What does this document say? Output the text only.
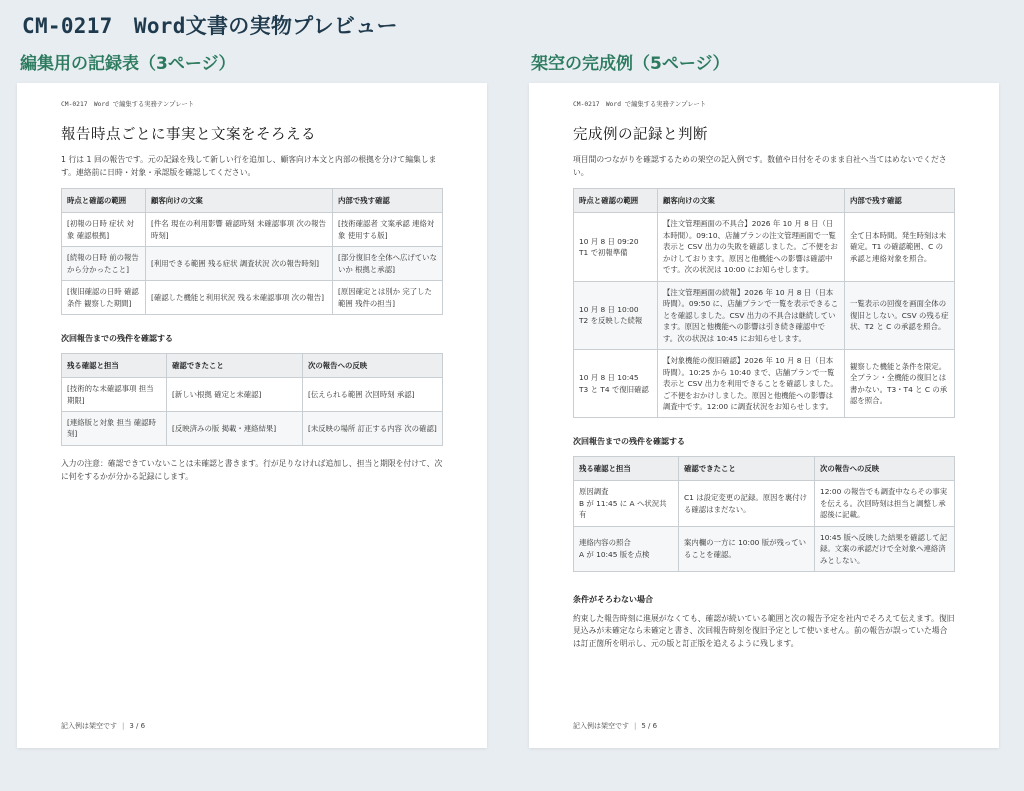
CM-0217　Word文書の実物プレビュー
編集用の記録表（3ページ）	架空の完成例（5ページ）
CM-0217　Word で編集する実務テンプレート
報告時点ごとに事実と文案をそろえる

1 行は 1 回の報告です。元の記録を残して新しい行を追加し、顧客向け本文と内部の根拠を分けて編集します。連絡前に日時・対象・承認版を確認してください。

時点と確認の範囲	顧客向けの文案	内部で残す確認
[初報の日時 症状 対象 確認根拠]	[件名 現在の利用影響 確認時刻 未確認事項 次の報告時刻]	[技術確認者 文案承認 連絡対象 使用する版]
[続報の日時 前の報告から分かったこと]	[利用できる範囲 残る症状 調査状況 次の報告時刻]	[部分復旧を全体へ広げていないか 根拠と承認]
[復旧確認の日時 確認条件 観察した期間]	[確認した機能と利用状況 残る未確認事項 次の報告]	[原因確定とは別か 完了した範囲 残件の担当]
次回報告までの残件を確認する
残る確認と担当	確認できたこと	次の報告への反映
[技術的な未確認事項 担当 期限]	[新しい根拠 確定と未確認]	[伝えられる範囲 次回時刻 承認]
[連絡版と対象 担当 確認時刻]	[反映済みの版 掲載・連絡結果]	[未反映の場所 訂正する内容 次の確認]

入力の注意：確認できていないことは未確認と書きます。行が足りなければ追加し、担当と期限を付けて、次に何をするかが分かる記録にします。

記入例は架空です | 3 / 6
CM-0217　Word で編集する実務テンプレート
完成例の記録と判断

項目間のつながりを確認するための架空の記入例です。数値や日付をそのまま自社へ当てはめないでください。

時点と確認の範囲	顧客向けの文案	内部で残す確認
10 月 8 日 09:20
T1 で初報準備	【注文管理画面の不具合】2026 年 10 月 8 日（日本時間）。09:10、店舗プランの注文管理画面で一覧表示と CSV 出力の失敗を確認しました。ご不便をおかけしております。原因と他機能への影響は確認中です。次の状況は 10:00 にお知らせします。	全て日本時間。発生時刻は未確定。T1 の確認範囲、C の承認と連絡対象を照合。
10 月 8 日 10:00
T2 を反映した続報	【注文管理画面の続報】2026 年 10 月 8 日（日本時間）。09:50 に、店舗プランで一覧を表示できることを確認しました。CSV 出力の不具合は継続しています。原因と他機能への影響は引き続き確認中です。次の状況は 10:45 にお知らせします。	一覧表示の回復を画面全体の復旧としない。CSV の残る症状、T2 と C の承認を照合。
10 月 8 日 10:45
T3 と T4 で復旧確認	【対象機能の復旧確認】2026 年 10 月 8 日（日本時間）。10:25 から 10:40 まで、店舗プランで一覧表示と CSV 出力を利用できることを確認しました。ご不便をおかけしました。原因と他機能への影響は調査中です。12:00 に調査状況をお知らせします。	観察した機能と条件を限定。全プラン・全機能の復旧とは書かない。T3・T4 と C の承認を照合。
次回報告までの残件を確認する
残る確認と担当	確認できたこと	次の報告への反映
原因調査
B が 11:45 に A へ状況共有	C1 は設定変更の記録。原因を裏付ける確認はまだない。	12:00 の報告でも調査中ならその事実を伝える。次回時刻は担当と調整し承認後に記載。
連絡内容の照合
A が 10:45 版を点検	案内欄の一方に 10:00 版が残っていることを確認。	10:45 版へ反映した結果を確認して記録。文案の承認だけで全対象へ連絡済みとしない。
条件がそろわない場合

約束した報告時刻に進展がなくても、確認が続いている範囲と次の報告予定を社内でそろえて伝えます。復旧見込みが未確定なら未確定と書き、次回報告時刻を復旧予定として使いません。前の報告が誤っていた場合は訂正箇所を明示し、元の版と訂正版を追えるように残します。

記入例は架空です | 5 / 6
